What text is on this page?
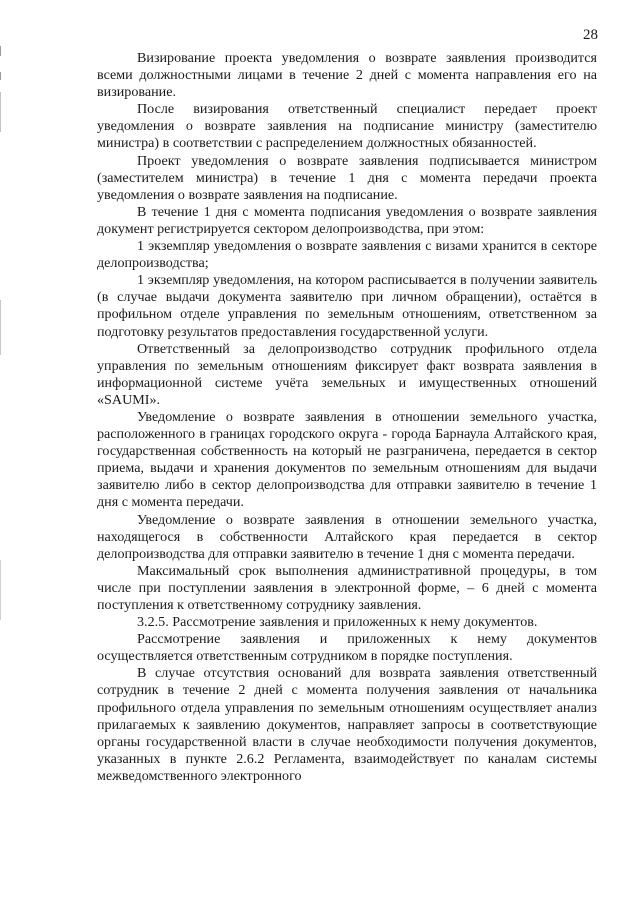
28

Визирование проекта уведомления о возврате заявления производится всеми должностными лицами в течение 2 дней с момента направления его на визирование.

После визирования ответственный специалист передает проект уведомления о возврате заявления на подписание министру (заместителю министра) в соответствии с распределением должностных обязанностей.

Проект уведомления о возврате заявления подписывается министром (заместителем министра) в течение 1 дня с момента передачи проекта уведомления о возврате заявления на подписание.

В течение 1 дня с момента подписания уведомления о возврате заявления документ регистрируется сектором делопроизводства, при этом:

1 экземпляр уведомления о возврате заявления с визами хранится в секторе делопроизводства;

1 экземпляр уведомления, на котором расписывается в получении заявитель (в случае выдачи документа заявителю при личном обращении), остаётся в профильном отделе управления по земельным отношениям, ответственном за подготовку результатов предоставления государственной услуги.

Ответственный за делопроизводство сотрудник профильного отдела управления по земельным отношениям фиксирует факт возврата заявления в информационной системе учёта земельных и имущественных отношений «SAUMI».

Уведомление о возврате заявления в отношении земельного участка, расположенного в границах городского округа - города Барнаула Алтайского края, государственная собственность на который не разграничена, передается в сектор приема, выдачи и хранения документов по земельным отношениям для выдачи заявителю либо в сектор делопроизводства для отправки заявителю в течение 1 дня с момента передачи.

Уведомление о возврате заявления в отношении земельного участка, находящегося в собственности Алтайского края передается в сектор делопроизводства для отправки заявителю в течение 1 дня с момента передачи.

Максимальный срок выполнения административной процедуры, в том числе при поступлении заявления в электронной форме, – 6 дней с момента поступления к ответственному сотруднику заявления.

3.2.5. Рассмотрение заявления и приложенных к нему документов.

Рассмотрение заявления и приложенных к нему документов осуществляется ответственным сотрудником в порядке поступления.

В случае отсутствия оснований для возврата заявления ответственный сотрудник в течение 2 дней с момента получения заявления от начальника профильного отдела управления по земельным отношениям осуществляет анализ прилагаемых к заявлению документов, направляет запросы в соответствующие органы государственной власти в случае необходимости получения документов, указанных в пункте 2.6.2 Регламента, взаимодействует по каналам системы межведомственного электронного
